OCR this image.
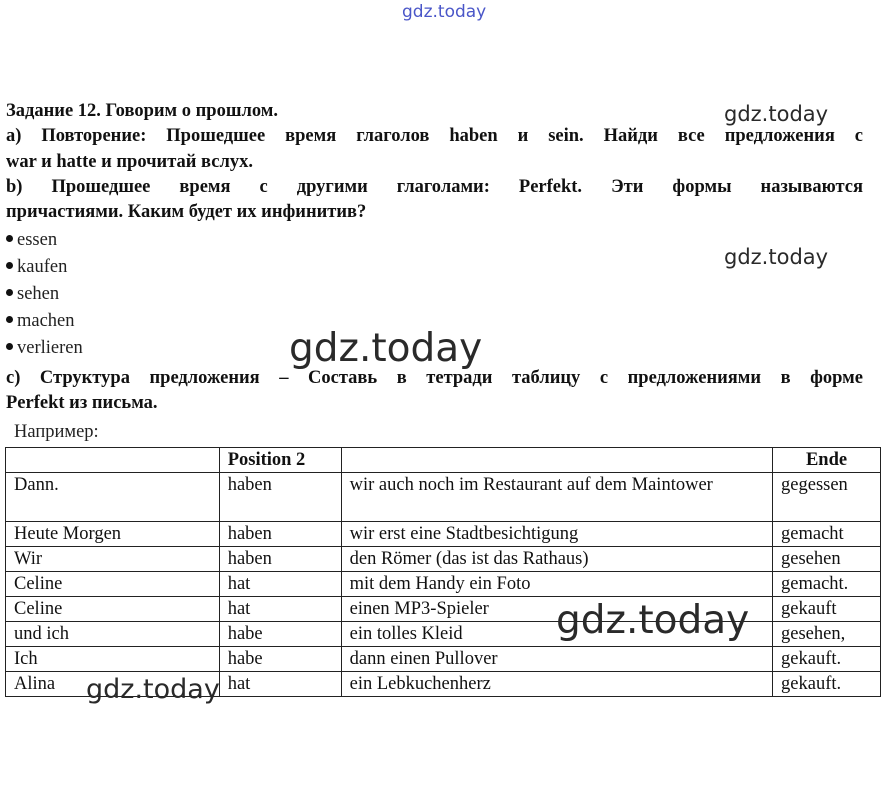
gdz.today
Задание 12. Говорим о прошлом.
a) Повторение: Прошедшее время глаголов haben и sein. Найди все предложения с
war и hatte и прочитай вслух.
b) Прошедшее время с другими глаголами: Perfekt. Эти формы называются
причастиями. Каким будет их инфинитив?
essen
kaufen
sehen
machen
verlieren
c) Структура предложения – Составь в тетради таблицу с предложениями в форме
Perfekt из письма.
Например:
	Position 2		Ende
Dann.	haben	wir auch noch im Restaurant auf dem Maintower	gegessen
Heute Morgen	haben	wir erst eine Stadtbesichtigung	gemacht
Wir	haben	den Römer (das ist das Rathaus)	gesehen
Celine	hat	mit dem Handy ein Foto	gemacht.
Celine	hat	einen MP3-Spieler	gekauft
und ich	habe	ein tolles Kleid	gesehen,
Ich	habe	dann einen Pullover	gekauft.
Alina	hat	ein Lebkuchenherz	gekauft.
gdz.today
gdz.today
gdz.today
gdz.today
gdz.today
